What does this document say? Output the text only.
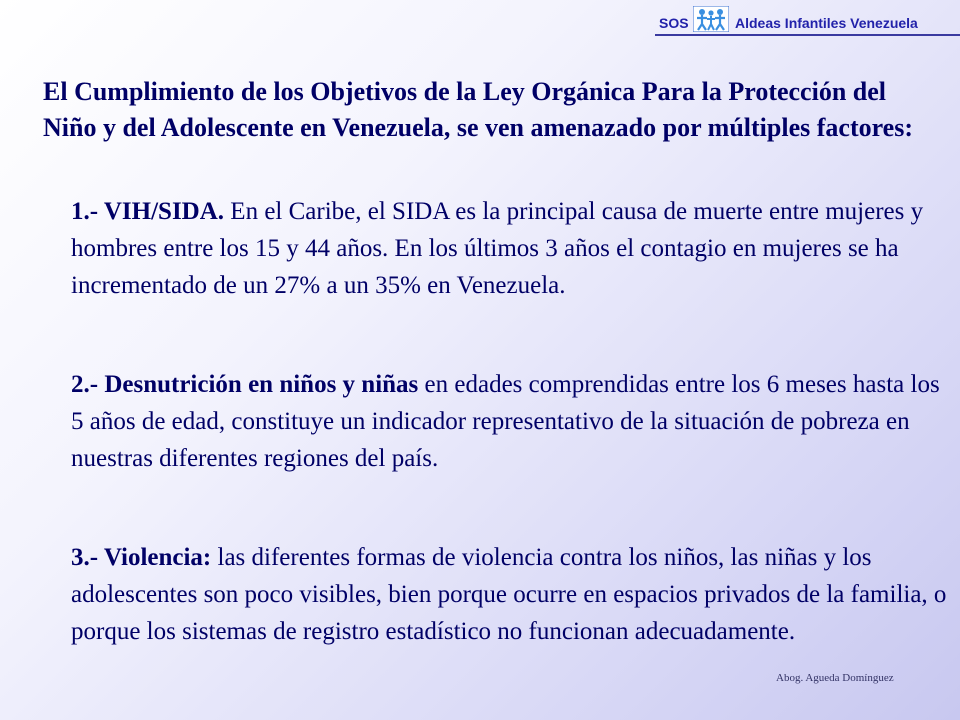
SOS	Aldeas Infantiles Venezuela

El Cumplimiento de los Objetivos de la Ley Orgánica Para la Protección del Niño y del Adolescente en Venezuela, se ven amenazado por múltiples factores:

1.- VIH/SIDA. En el Caribe, el SIDA es la principal causa de muerte entre mujeres y hombres entre los 15 y 44 años. En los últimos 3 años el contagio en mujeres se ha incrementado de un 27% a un 35% en Venezuela.

2.- Desnutrición en niños y niñas en edades comprendidas entre los 6 meses hasta los 5 años de edad, constituye un indicador representativo de la situación de pobreza en nuestras diferentes regiones del país.

3.- Violencia: las diferentes formas de violencia contra los niños, las niñas y los adolescentes son poco visibles, bien porque ocurre en espacios privados de la familia, o porque los sistemas de registro estadístico no funcionan adecuadamente.

Abog. Agueda Domínguez
